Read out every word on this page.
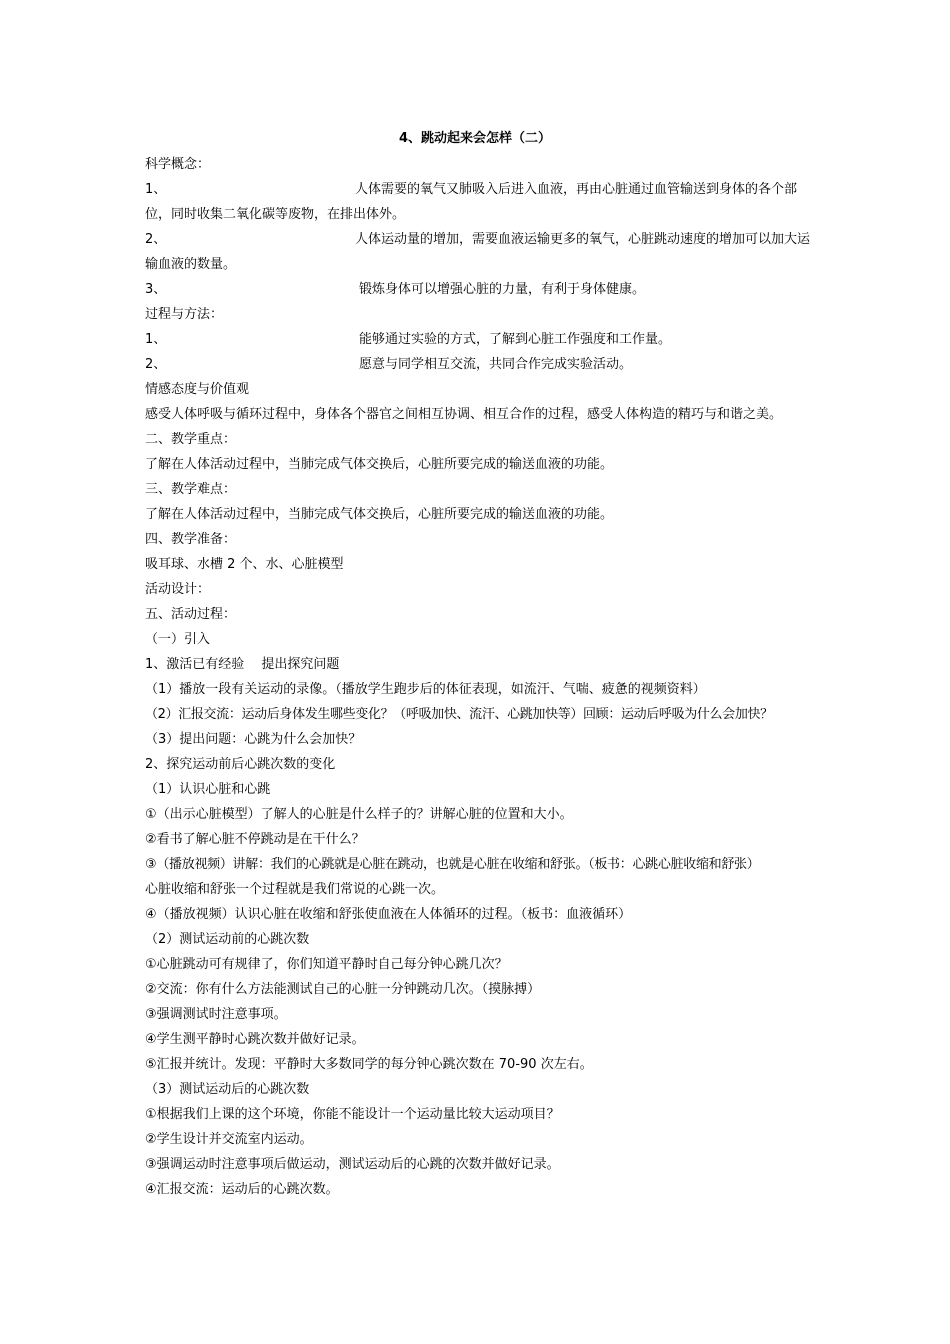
4、跳动起来会怎样（二）

科学概念：

1、	人体需要的氧气又肺吸入后进入血液，再由心脏通过血管输送到身体的各个部位，同时收集二氧化碳等废物，在排出体外。
2、	人体运动量的增加，需要血液运输更多的氧气，心脏跳动速度的增加可以加大运输血液的数量。
3、	锻炼身体可以增强心脏的力量，有利于身体健康。

过程与方法：

1、	能够通过实验的方式，了解到心脏工作强度和工作量。
2、	愿意与同学相互交流，共同合作完成实验活动。

情感态度与价值观

感受人体呼吸与循环过程中，身体各个器官之间相互协调、相互合作的过程，感受人体构造的精巧与和谐之美。

二、教学重点：

了解在人体活动过程中，当肺完成气体交换后，心脏所要完成的输送血液的功能。

三、教学难点：

了解在人体活动过程中，当肺完成气体交换后，心脏所要完成的输送血液的功能。

四、教学准备：

吸耳球、水槽 2 个、水、心脏模型

活动设计：

五、活动过程：

（一）引入

1、激活已有经验　 提出探究问题

（1）播放一段有关运动的录像。（播放学生跑步后的体征表现，如流汗、气喘、疲惫的视频资料）

（2）汇报交流：运动后身体发生哪些变化？（呼吸加快、流汗、心跳加快等）回顾：运动后呼吸为什么会加快？

（3）提出问题：心跳为什么会加快？

2、探究运动前后心跳次数的变化

（1）认识心脏和心跳

①（出示心脏模型）了解人的心脏是什么样子的？讲解心脏的位置和大小。

②看书了解心脏不停跳动是在干什么？

③（播放视频）讲解：我们的心跳就是心脏在跳动，也就是心脏在收缩和舒张。（板书：心跳心脏收缩和舒张）

心脏收缩和舒张一个过程就是我们常说的心跳一次。

④（播放视频）认识心脏在收缩和舒张使血液在人体循环的过程。（板书：血液循环）

（2）测试运动前的心跳次数

①心脏跳动可有规律了，你们知道平静时自己每分钟心跳几次？

②交流：你有什么方法能测试自己的心脏一分钟跳动几次。（摸脉搏）

③强调测试时注意事项。

④学生测平静时心跳次数并做好记录。

⑤汇报并统计。发现：平静时大多数同学的每分钟心跳次数在 70-90 次左右。

（3）测试运动后的心跳次数

①根据我们上课的这个环境，你能不能设计一个运动量比较大运动项目？

②学生设计并交流室内运动。

③强调运动时注意事项后做运动，测试运动后的心跳的次数并做好记录。

④汇报交流：运动后的心跳次数。
